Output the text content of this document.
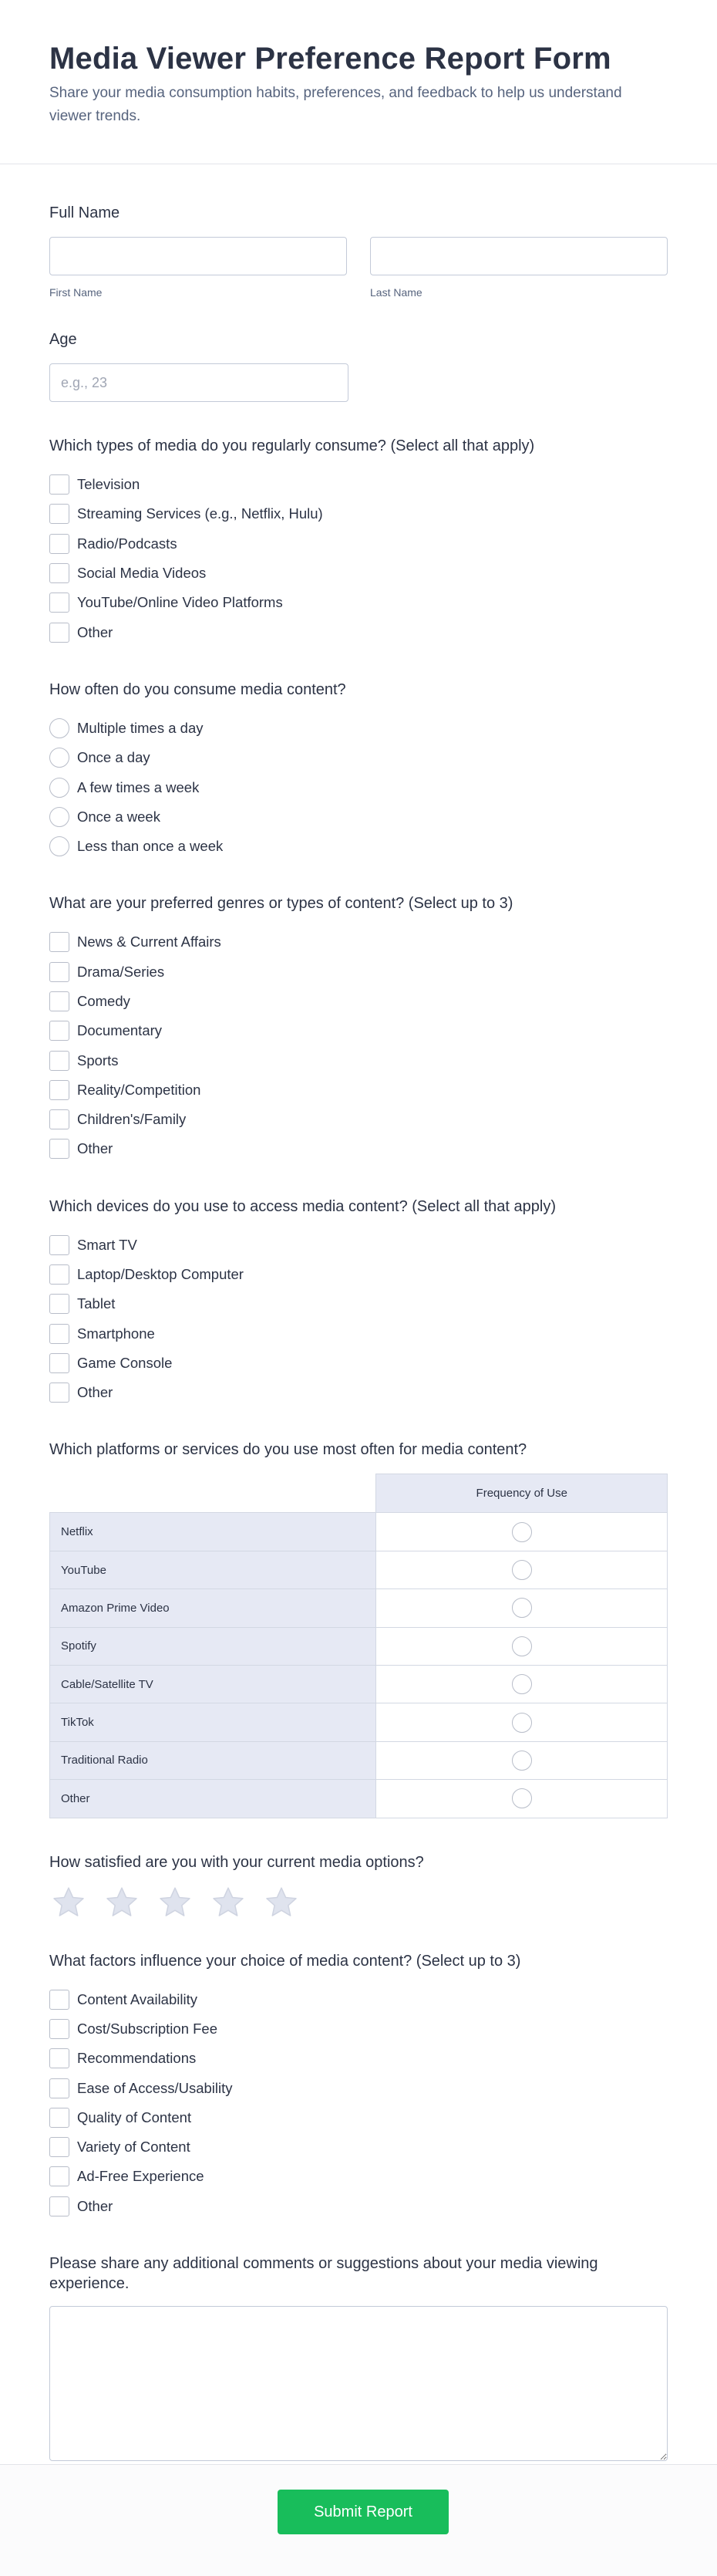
Media Viewer Preference Report Form

Share your media consumption habits, preferences, and feedback to help us understand viewer trends.

Full Name
First Name	Last Name
Age
e.g., 23
Which types of media do you regularly consume? (Select all that apply)
Television
Streaming Services (e.g., Netflix, Hulu)
Radio/Podcasts
Social Media Videos
YouTube/Online Video Platforms
Other
How often do you consume media content?
Multiple times a day
Once a day
A few times a week
Once a week
Less than once a week
What are your preferred genres or types of content? (Select up to 3)
News & Current Affairs
Drama/Series
Comedy
Documentary
Sports
Reality/Competition
Children's/Family
Other
Which devices do you use to access media content? (Select all that apply)
Smart TV
Laptop/Desktop Computer
Tablet
Smartphone
Game Console
Other
Which platforms or services do you use most often for media content?
	Frequency of Use
Netflix	
YouTube	
Amazon Prime Video	
Spotify	
Cable/Satellite TV	
TikTok	
Traditional Radio	
Other	
How satisfied are you with your current media options?
What factors influence your choice of media content? (Select up to 3)
Content Availability
Cost/Subscription Fee
Recommendations
Ease of Access/Usability
Quality of Content
Variety of Content
Ad-Free Experience
Other
Please share any additional comments or suggestions about your media viewing experience.
Submit Report
